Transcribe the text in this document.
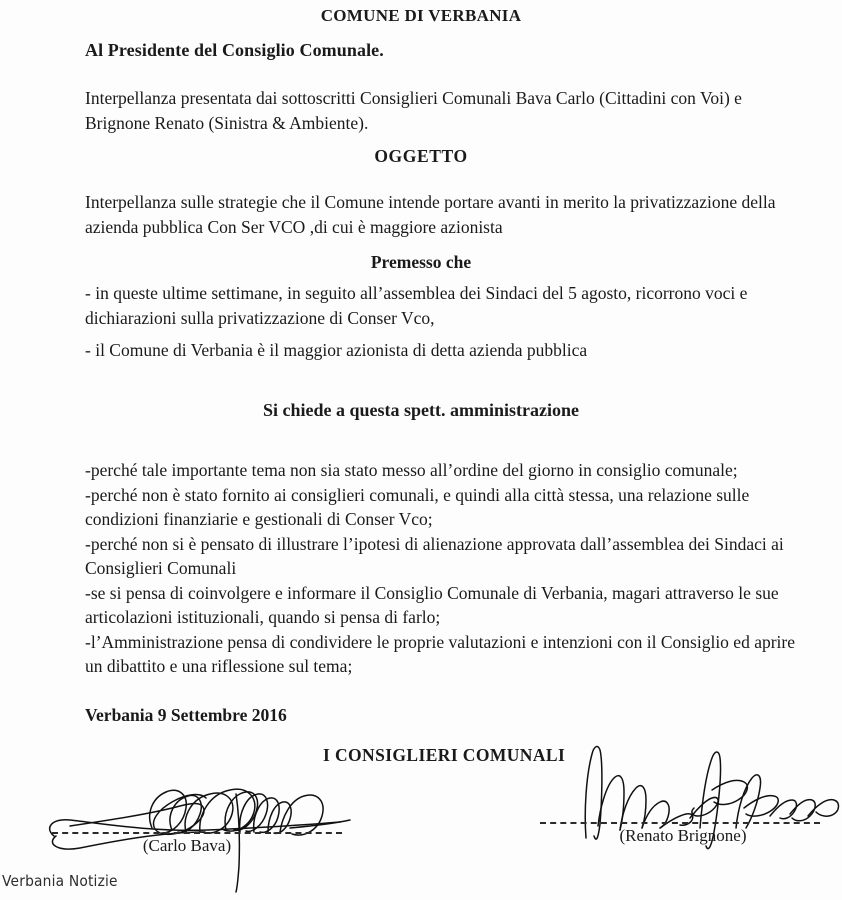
COMUNE DI VERBANIA
Al Presidente del Consiglio Comunale.
Interpellanza presentata dai sottoscritti Consiglieri Comunali Bava Carlo (Cittadini con Voi) e Brignone Renato (Sinistra & Ambiente).
OGGETTO
Interpellanza sulle strategie che il Comune intende portare avanti in merito la privatizzazione della azienda pubblica Con Ser VCO ,di cui è maggiore azionista
Premesso che
- in queste ultime settimane, in seguito all’assemblea dei Sindaci del 5 agosto, ricorrono voci e dichiarazioni sulla privatizzazione di Conser Vco,
- il Comune di Verbania è il maggior azionista di detta azienda pubblica
Si chiede a questa spett. amministrazione
-perché tale importante tema non sia stato messo all’ordine del giorno in consiglio comunale;
-perché non è stato fornito ai consiglieri comunali, e quindi alla città stessa, una relazione sulle condizioni finanziarie e gestionali di Conser Vco;
-perché non si è pensato di illustrare l’ipotesi di alienazione approvata dall’assemblea dei Sindaci ai Consiglieri Comunali
-se si pensa di coinvolgere e informare il Consiglio Comunale di Verbania, magari attraverso le sue articolazioni istituzionali, quando si pensa di farlo;
-l’Amministrazione pensa di condividere le proprie valutazioni e intenzioni con il Consiglio ed aprire un dibattito e una riflessione sul tema;
Verbania 9 Settembre 2016
I CONSIGLIERI COMUNALI
(Carlo Bava)
(Renato Brignone)
Verbania Notizie
